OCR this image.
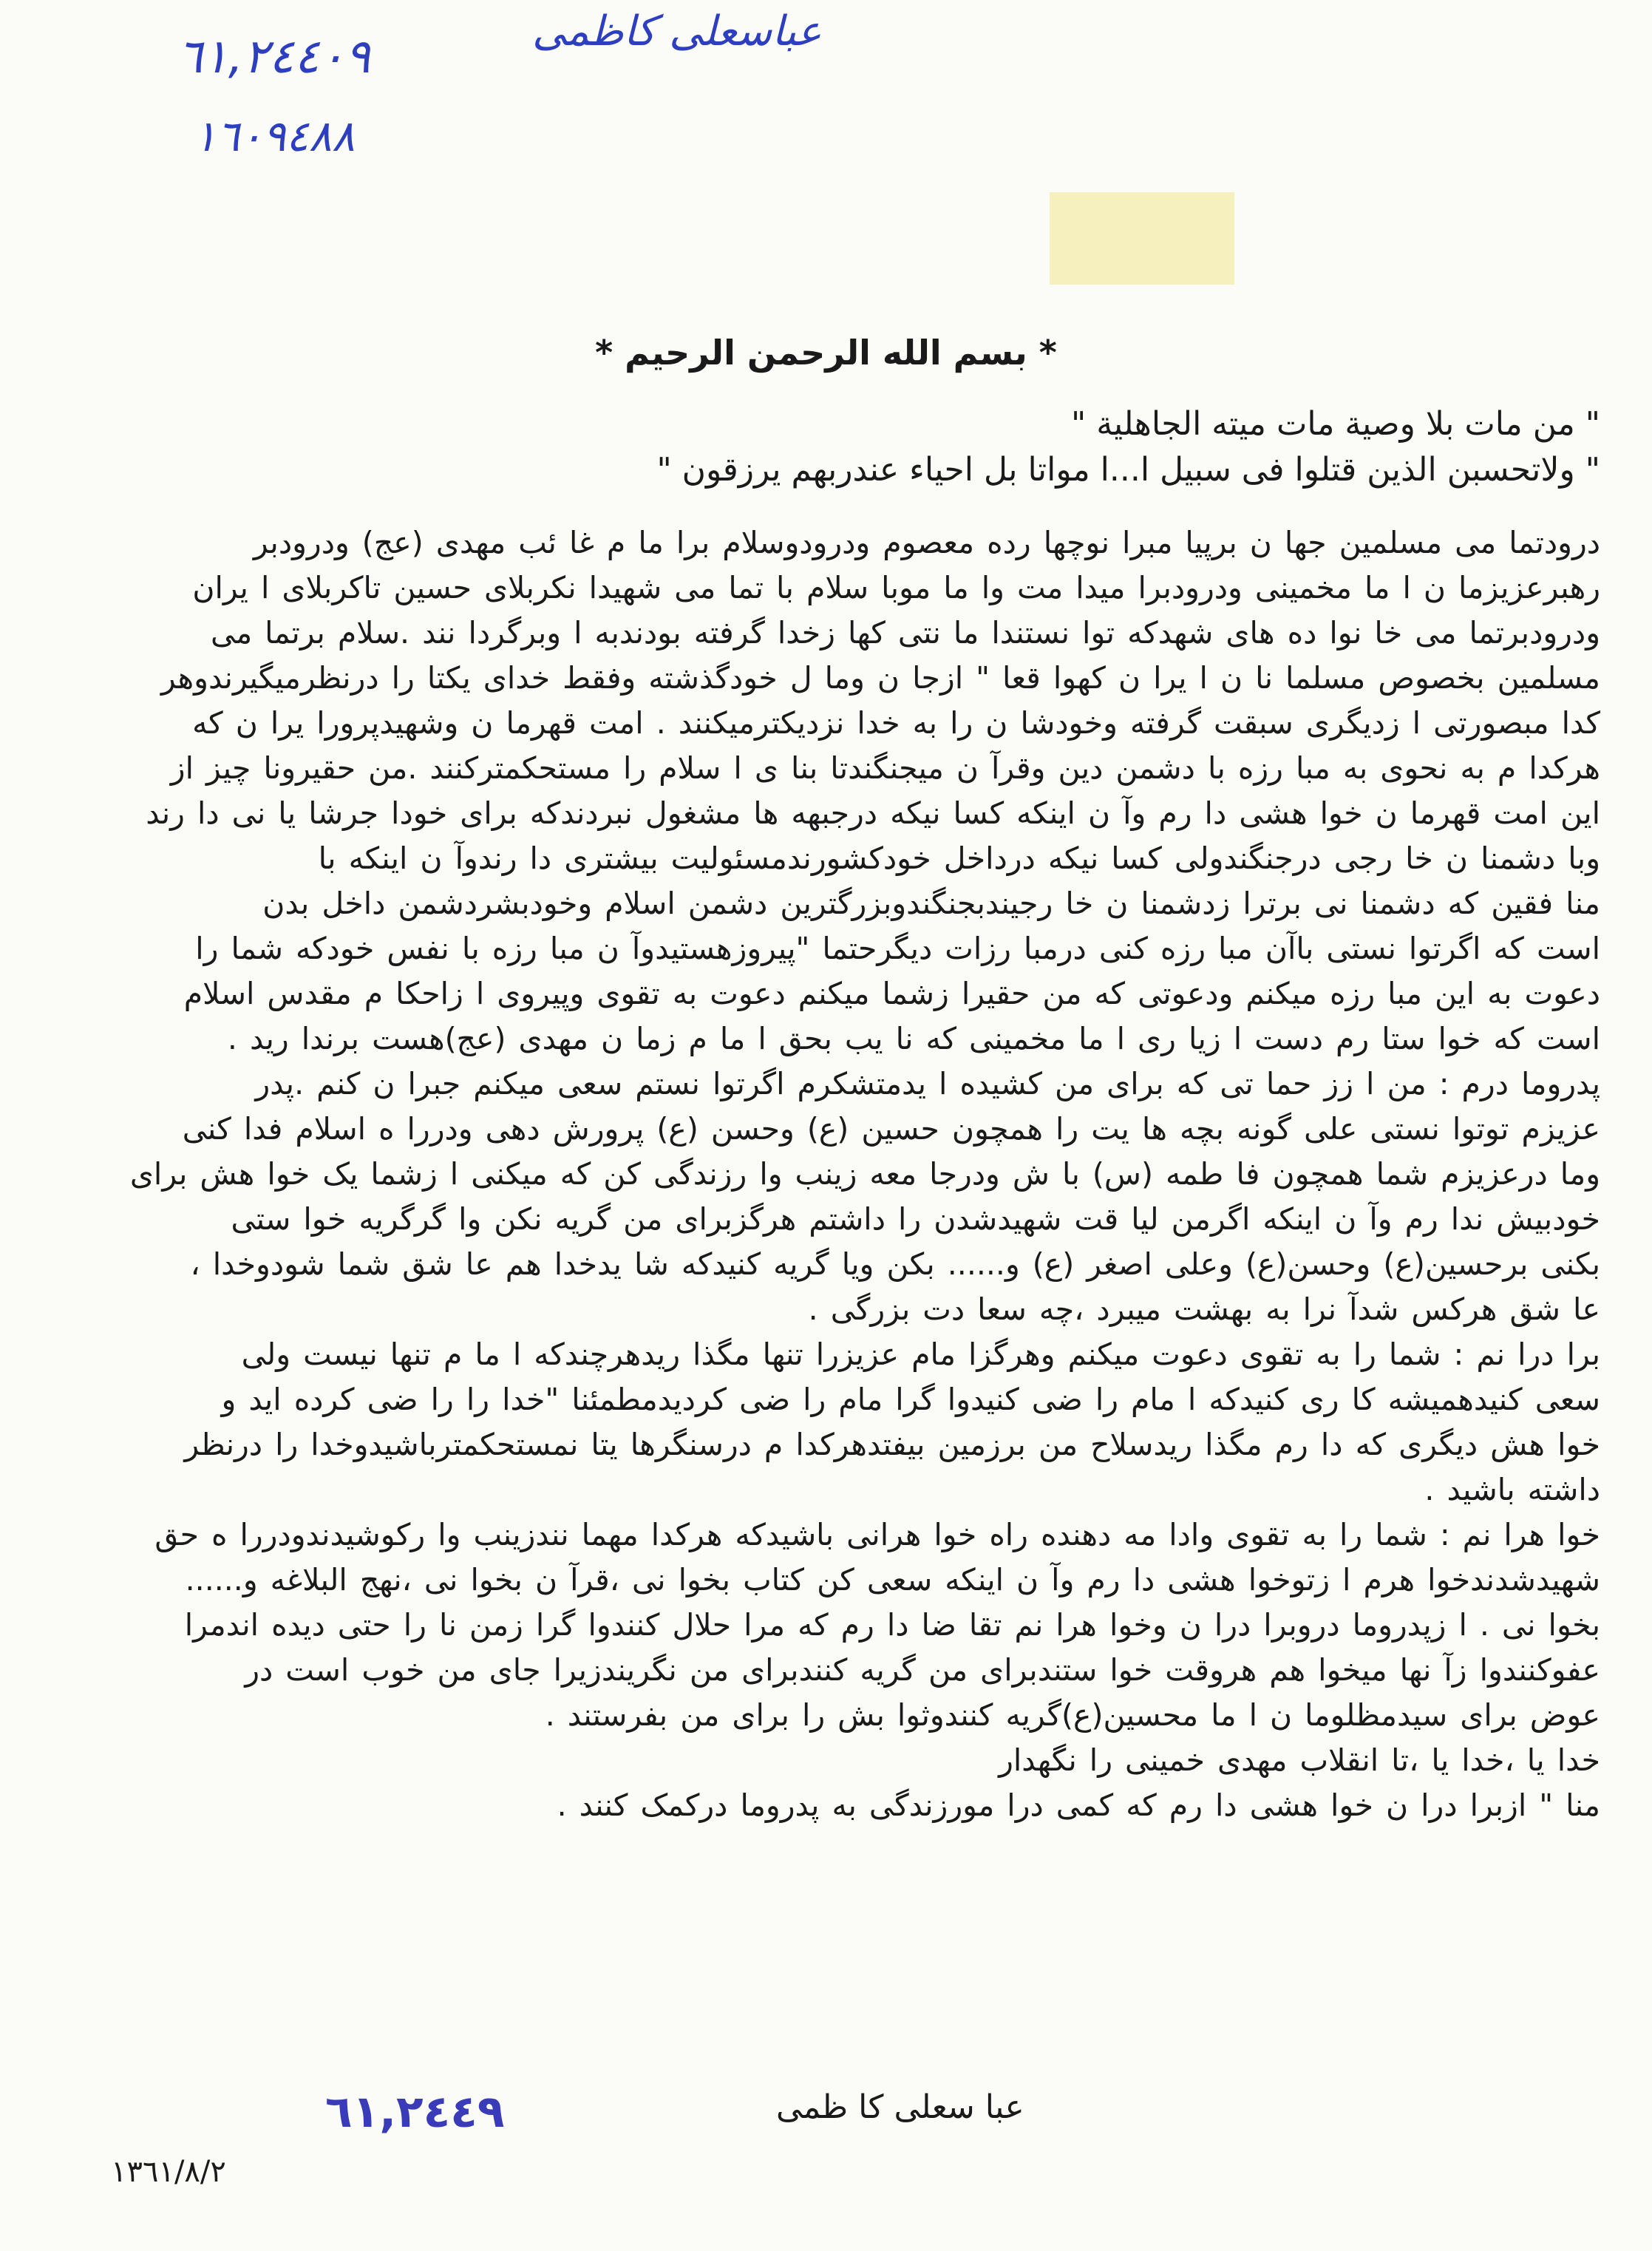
٦١,٢٤٤٠٩
١٦٠٩٤٨٨
عباسعلی کاظمی
* بسم الله الرحمن الرحیم *
" من مات بلا وصیة مات میته الجاهلیة "
" ولاتحسبن الذین قتلوا فی سبیل ا...ا مواتا بل احیاء عندربهم یرزقون "
درودتما می مسلمین جها ن برپیا مبرا نوچها رده معصوم ودرودوسلام برا ما م غا ئب مهدی (عج) ودرودبر
رهبرعزیزما ن ا ما مخمینی ودرودبرا میدا مت وا ما موبا سلام با تما می شهیدا نکربلای حسین تاکربلای ا یران
ودرودبرتما می خا نوا ده های شهدکه توا نستندا ما نتی کها زخدا گرفته بودندبه ا وبرگردا نند .سلام برتما می
مسلمین بخصوص مسلما نا ن ا یرا ن کهوا قعا " ازجا ن وما ل خودگذشته وفقط خدای یکتا را درنظرمیگیرندوهر
کدا مبصورتی ا زدیگری سبقت گرفته وخودشا ن را به خدا نزدیکترمیکنند . امت قهرما ن وشهیدپرورا یرا ن که
هرکدا م به نحوی به مبا رزه با دشمن دین وقرآ ن میجنگندتا بنا ی ا سلام را مستحکمترکنند .من حقیرونا چیز از
این امت قهرما ن خوا هشی دا رم وآ ن اینکه کسا نیکه درجبهه ها مشغول نبردندکه برای خودا جرشا یا نی دا رند
وبا دشمنا ن خا رجی درجنگندولی کسا نیکه درداخل خودکشورندمسئولیت بیشتری دا رندوآ ن اینکه با
منا فقین که دشمنا نی برترا زدشمنا ن خا رجیندبجنگندوبزرگترین دشمن اسلام وخودبشردشمن داخل بدن
است که اگرتوا نستی باآن مبا رزه کنی درمبا رزات دیگرحتما "پیروزهستیدوآ ن مبا رزه با نفس خودکه شما را
دعوت به این مبا رزه میکنم ودعوتی که من حقیرا زشما میکنم دعوت به تقوی وپیروی ا زاحکا م مقدس اسلام
است که خوا ستا رم دست ا زیا ری ا ما مخمینی که نا یب بحق ا ما م زما ن مهدی (عج)هست برندا رید .
پدروما درم : من ا زز حما تی که برای من کشیده ا یدمتشکرم اگرتوا نستم سعی میکنم جبرا ن کنم .پدر
عزیزم توتوا نستی علی گونه بچه ها یت را همچون حسین (ع) وحسن (ع) پرورش دهی ودررا ه اسلام فدا کنی
وما درعزیزم شما همچون فا طمه (س) با ش ودرجا معه زینب وا رزندگی کن که میکنی ا زشما یک خوا هش برای
خودبیش ندا رم وآ ن اینکه اگرمن لیا قت شهیدشدن را داشتم هرگزبرای من گریه نکن وا گرگریه خوا ستی
بکنی برحسین(ع) وحسن(ع) وعلی اصغر (ع) و...... بکن ویا گریه کنیدکه شا یدخدا هم عا شق شما شودوخدا ،
عا شق هرکس شدآ نرا به بهشت میبرد ،چه سعا دت بزرگی .
برا درا نم : شما را به تقوی دعوت میکنم وهرگزا مام عزیزرا تنها مگذا ریدهرچندکه ا ما م تنها نیست ولی
سعی کنیدهمیشه کا ری کنیدکه ا مام را ضی کنیدوا گرا مام را ضی کردیدمطمئنا "خدا را را ضی کرده اید و
خوا هش دیگری که دا رم مگذا ریدسلاح من برزمین بیفتدهرکدا م درسنگرها یتا نمستحکمترباشیدوخدا را درنظر
داشته باشید .
خوا هرا نم : شما را به تقوی وادا مه دهنده راه خوا هرانی باشیدکه هرکدا مهما نندزینب وا رکوشیدندودررا ه حق
شهیدشدندخوا هرم ا زتوخوا هشی دا رم وآ ن اینکه سعی کن کتاب بخوا نی ،قرآ ن بخوا نی ،نهج البلاغه و......
بخوا نی . ا زپدروما دروبرا درا ن وخوا هرا نم تقا ضا دا رم که مرا حلال کنندوا گرا زمن نا را حتی دیده اندمرا
عفوکنندوا زآ نها میخوا هم هروقت خوا ستندبرای من گریه کنندبرای من نگریندزیرا جای من خوب است در
عوض برای سیدمظلوما ن ا ما محسین(ع)گریه کنندوثوا بش را برای من بفرستند .
خدا یا ،خدا یا ،تا انقلاب مهدی خمینی را نگهدار
منا " ازبرا درا ن خوا هشی دا رم که کمی درا مورزندگی به پدروما درکمک کنند .
عبا سعلی کا ظمی
٦١,٢٤٤٩
١٣٦١/٨/٢
